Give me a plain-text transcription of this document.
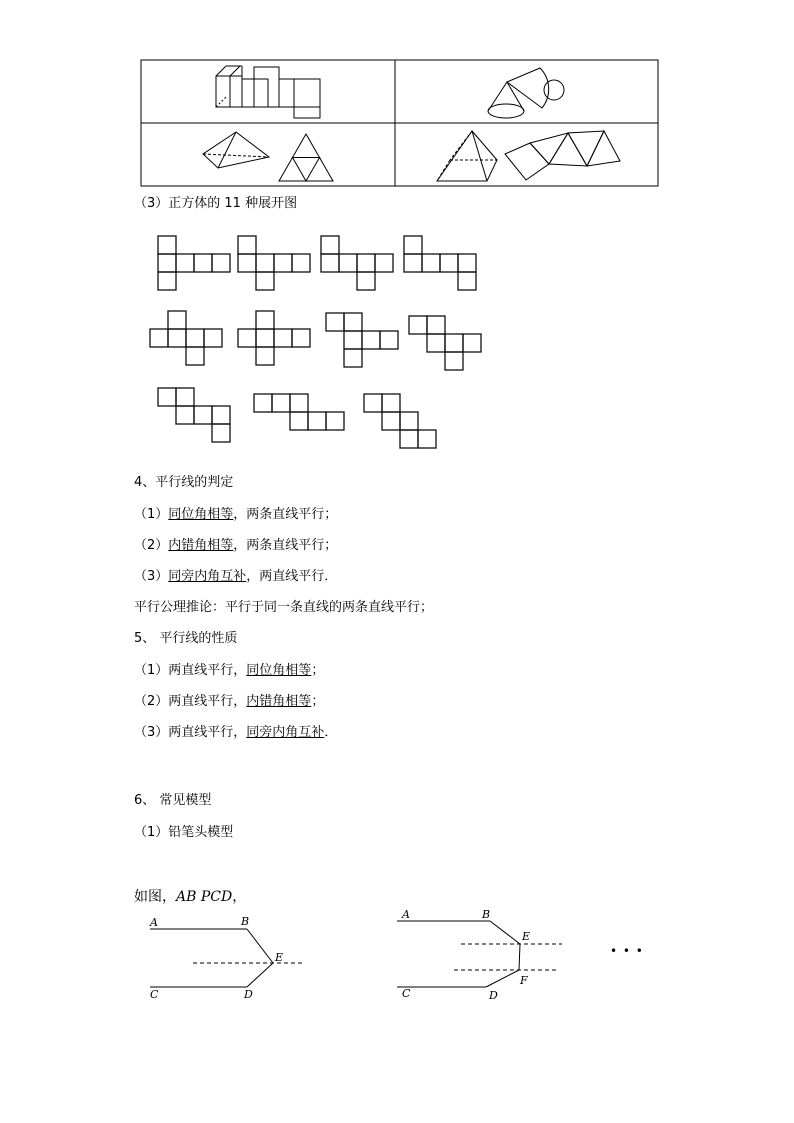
（3）正方体的 11 种展开图
4、平行线的判定
（1）同位角相等，两条直线平行；
（2）内错角相等，两条直线平行；
（3）同旁内角互补，两直线平行．
平行公理推论：平行于同一条直线的两条直线平行；
5、 平行线的性质
（1）两直线平行，同位角相等；
（2）两直线平行，内错角相等；
（3）两直线平行，同旁内角互补．
6、 常见模型
（1）铅笔头模型
如图，AB PCD，
A	B
E
C	D
A	B
E
F
C	D
• • •
